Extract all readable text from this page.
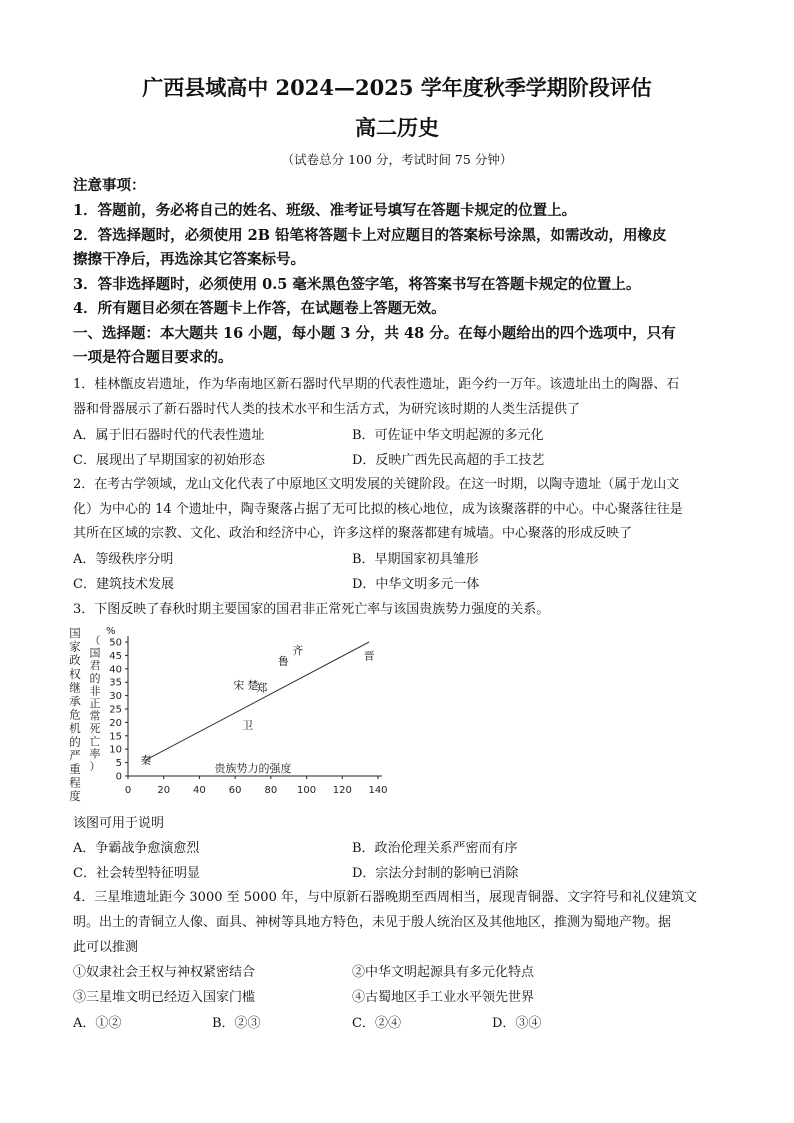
广西县域高中 2024—2025 学年度秋季学期阶段评估
高二历史
（试卷总分 100 分，考试时间 75 分钟）
注意事项：
1．答题前，务必将自己的姓名、班级、准考证号填写在答题卡规定的位置上。
2．答选择题时，必须使用 2B 铅笔将答题卡上对应题目的答案标号涂黑，如需改动，用橡皮
擦擦干净后，再选涂其它答案标号。
3．答非选择题时，必须使用 0.5 毫米黑色签字笔，将答案书写在答题卡规定的位置上。
4．所有题目必须在答题卡上作答，在试题卷上答题无效。
一、选择题：本大题共 16 小题，每小题 3 分，共 48 分。在每小题给出的四个选项中，只有
一项是符合题目要求的。
1．桂林甑皮岩遗址，作为华南地区新石器时代早期的代表性遗址，距今约一万年。该遗址出土的陶器、石
器和骨器展示了新石器时代人类的技术水平和生活方式，为研究该时期的人类生活提供了
A．属于旧石器时代的代表性遗址	B．可佐证中华文明起源的多元化
C．展现出了早期国家的初始形态	D．反映广西先民高超的手工技艺
2．在考古学领域，龙山文化代表了中原地区文明发展的关键阶段。在这一时期，以陶寺遗址（属于龙山文
化）为中心的 14 个遗址中，陶寺聚落占据了无可比拟的核心地位，成为该聚落群的中心。中心聚落往往是
其所在区域的宗教、文化、政治和经济中心，许多这样的聚落都建有城墙。中心聚落的形成反映了
A．等级秩序分明	B．早期国家初具雏形
C．建筑技术发展	D．中华文明多元一体
3．下图反映了春秋时期主要国家的国君非正常死亡率与该国贵族势力强度的关系。
国家政权继承危机的严重程度
（国君的非正常死亡率）
%
0
5
10
15
20
25
30
35
40
45
50
0	20 40 60 80 100 120 140
秦
卫
宋 楚
郑
鲁
齐	晋
贵族势力的强度
该图可用于说明
A．争霸战争愈演愈烈	B．政治伦理关系严密而有序
C．社会转型特征明显	D．宗法分封制的影响已消除
4．三星堆遗址距今 3000 至 5000 年，与中原新石器晚期至西周相当，展现青铜器、文字符号和礼仪建筑文
明。出土的青铜立人像、面具、神树等具地方特色，未见于殷人统治区及其他地区，推测为蜀地产物。据
此可以推测
①奴隶社会王权与神权紧密结合	②中华文明起源具有多元化特点
③三星堆文明已经迈入国家门槛	④古蜀地区手工业水平领先世界
A．①②	B．②③	C．②④	D．③④
